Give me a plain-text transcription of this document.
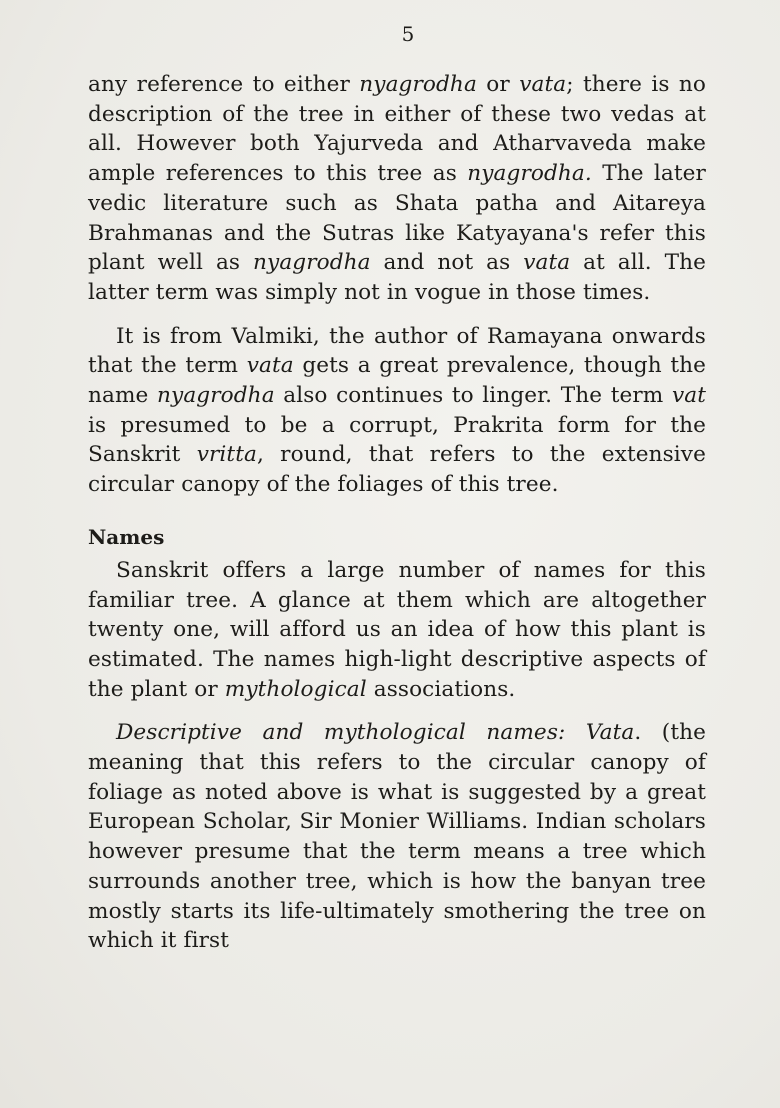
5

any reference to either nyagrodha or vata; there is no description of the tree in either of these two vedas at all. However both Yajurveda and Atharvaveda make ample references to this tree as nyagrodha. The later vedic literature such as Shata patha and Aitareya Brahmanas and the Sutras like Katyayana's refer this plant well as nyagrodha and not as vata at all. The latter term was simply not in vogue in those times.

It is from Valmiki, the author of Ramayana onwards that the term vata gets a great prevalence, though the name nyagrodha also continues to linger. The term vat is presumed to be a corrupt, Prakrita form for the Sanskrit vritta, round, that refers to the extensive circular canopy of the foliages of this tree.

Names

Sanskrit offers a large number of names for this familiar tree. A glance at them which are altogether twenty one, will afford us an idea of how this plant is estimated. The names high-light descriptive aspects of the plant or mythological associations.

Descriptive and mythological names: Vata. (the meaning that this refers to the circular canopy of foliage as noted above is what is suggested by a great European Scholar, Sir Monier Williams. Indian scholars however presume that the term means a tree which surrounds another tree, which is how the banyan tree mostly starts its life-ultimately smothering the tree on which it first
